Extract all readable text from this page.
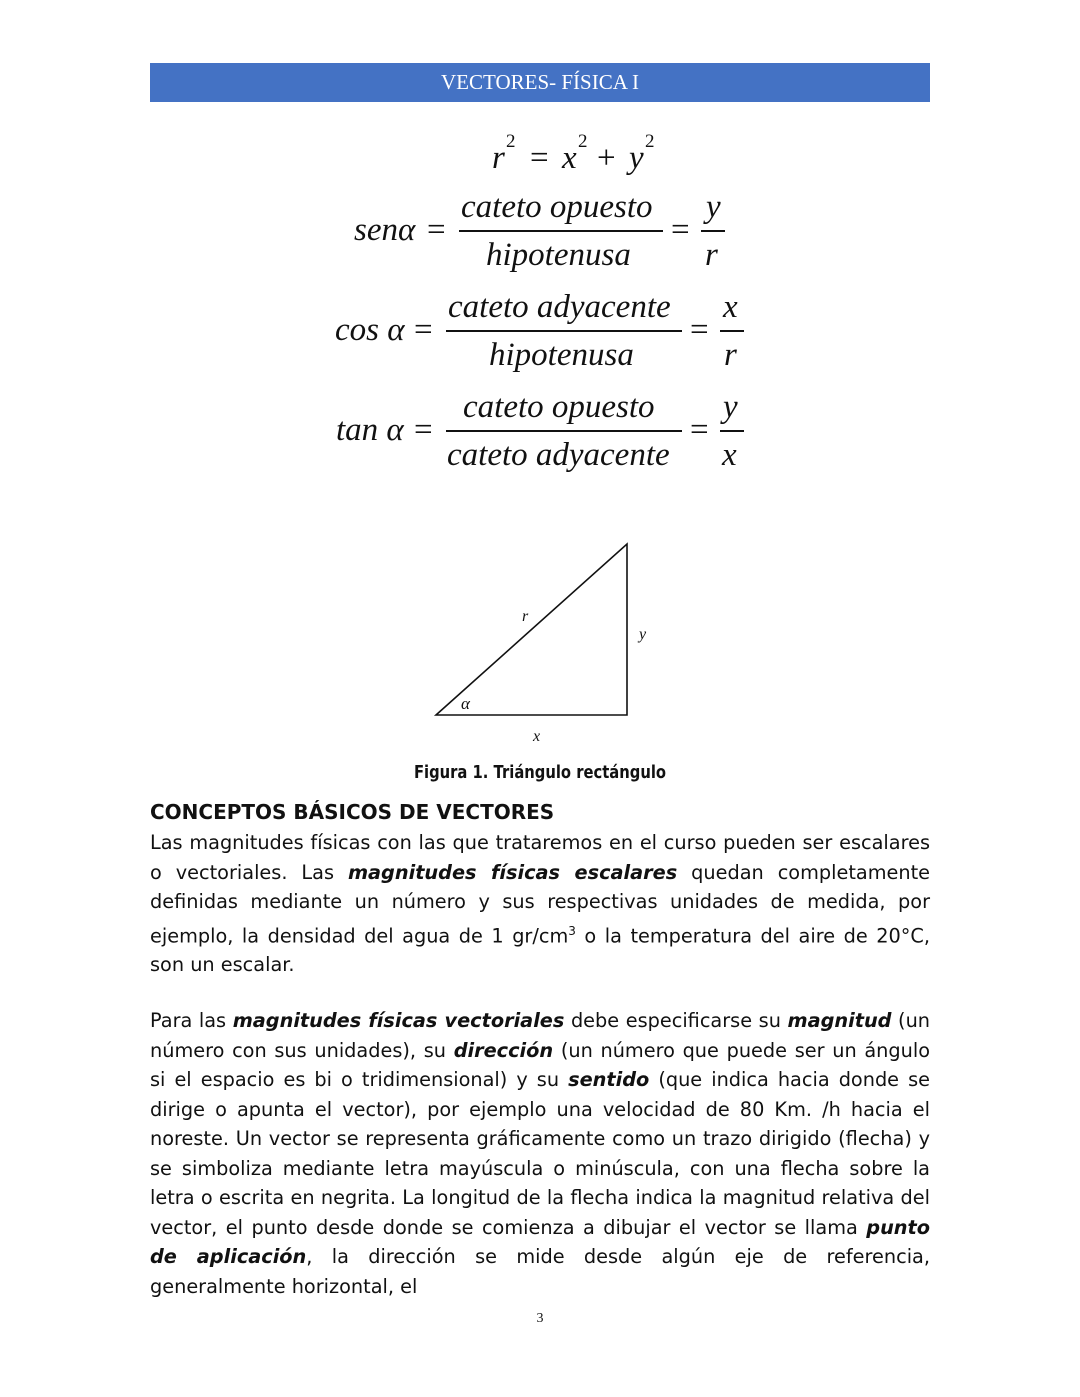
VECTORES- FÍSICA I
r 2 = x 2 + y 2
senα =
cateto opuesto
hipotenusa
=
y
r
cos α =
cateto adyacente
hipotenusa
=
x
r
tan α =
cateto opuesto
cateto adyacente
=
y
x
r
y
α
x
Figura 1. Triángulo rectángulo
CONCEPTOS BÁSICOS DE VECTORES

Las magnitudes físicas con las que trataremos en el curso pueden ser escalares o vectoriales. Las magnitudes físicas escalares quedan completamente definidas mediante un número y sus respectivas unidades de medida, por ejemplo, la densidad del agua de 1 $gr/cm^3$ o la temperatura del aire de 20°C, son un escalar.

Para las magnitudes físicas vectoriales debe especificarse su magnitud (un número con sus unidades), su dirección (un número que puede ser un ángulo si el espacio es bi o tridimensional) y su sentido (que indica hacia donde se dirige o apunta el vector), por ejemplo una velocidad de 80 Km. /h hacia el noreste. Un vector se representa gráficamente como un trazo dirigido (flecha) y se simboliza mediante letra mayúscula o minúscula, con una flecha sobre la letra o escrita en negrita. La longitud de la flecha indica la magnitud relativa del vector, el punto desde donde se comienza a dibujar el vector se llama punto de aplicación, la dirección se mide desde algún eje de referencia, generalmente horizontal, el

3
